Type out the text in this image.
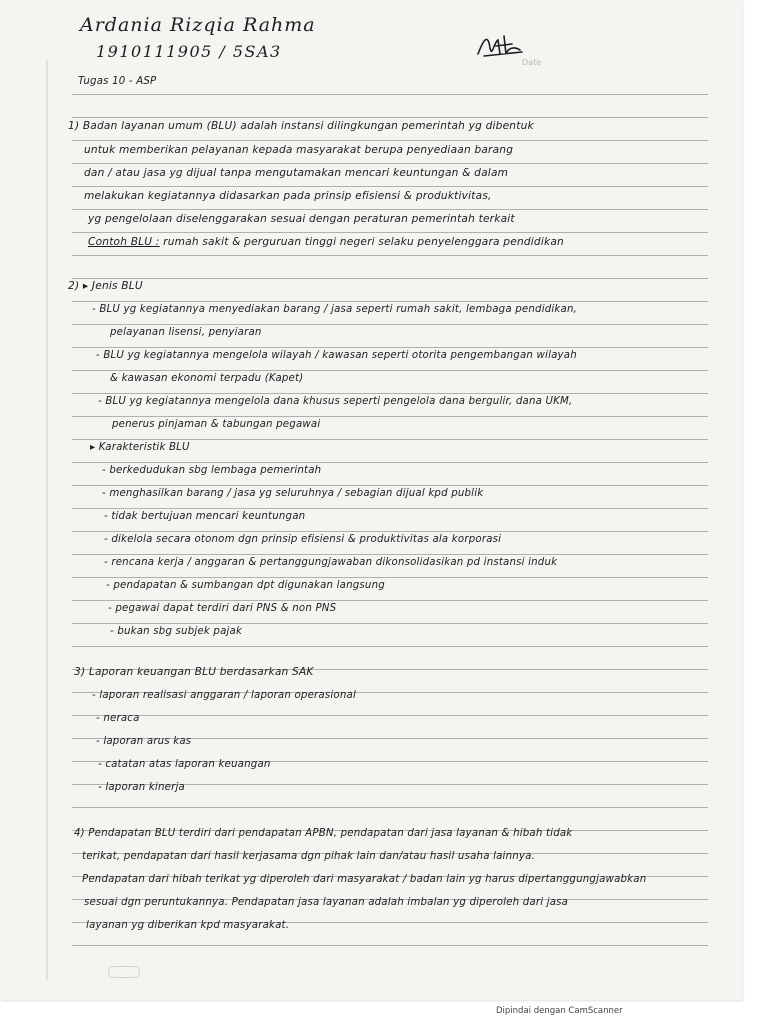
Ardania Rizqia Rahma
1910111905 / 5SA3
Date
Tugas 10 - ASP
1) Badan layanan umum (BLU) adalah instansi dilingkungan pemerintah yg dibentuk
untuk memberikan pelayanan kepada masyarakat berupa penyediaan barang
dan / atau jasa yg dijual tanpa mengutamakan mencari keuntungan & dalam
melakukan kegiatannya didasarkan pada prinsip efisiensi & produktivitas,
yg pengelolaan diselenggarakan sesuai dengan peraturan pemerintah terkait
Contoh BLU : rumah sakit & perguruan tinggi negeri selaku penyelenggara pendidikan
2) ▸ Jenis BLU
- BLU yg kegiatannya menyediakan barang / jasa seperti rumah sakit, lembaga pendidikan,
pelayanan lisensi, penyiaran
- BLU yg kegiatannya mengelola wilayah / kawasan seperti otorita pengembangan wilayah
& kawasan ekonomi terpadu (Kapet)
- BLU yg kegiatannya mengelola dana khusus seperti pengelola dana bergulir, dana UKM,
penerus pinjaman & tabungan pegawai
▸ Karakteristik BLU
- berkedudukan sbg lembaga pemerintah
- menghasilkan barang / jasa yg seluruhnya / sebagian dijual kpd publik
- tidak bertujuan mencari keuntungan
- dikelola secara otonom dgn prinsip efisiensi & produktivitas ala korporasi
- rencana kerja / anggaran & pertanggungjawaban dikonsolidasikan pd instansi induk
- pendapatan & sumbangan dpt digunakan langsung
- pegawai dapat terdiri dari PNS & non PNS
- bukan sbg subjek pajak
3) Laporan keuangan BLU berdasarkan SAK
- laporan realisasi anggaran / laporan operasional
- neraca
- laporan arus kas
- catatan atas laporan keuangan
- laporan kinerja
4) Pendapatan BLU terdiri dari pendapatan APBN, pendapatan dari jasa layanan & hibah tidak
terikat, pendapatan dari hasil kerjasama dgn pihak lain dan/atau hasil usaha lainnya.
Pendapatan dari hibah terikat yg diperoleh dari masyarakat / badan lain yg harus dipertanggungjawabkan
sesuai dgn peruntukannya. Pendapatan jasa layanan adalah imbalan yg diperoleh dari jasa
layanan yg diberikan kpd masyarakat.
Dipindai dengan CamScanner
